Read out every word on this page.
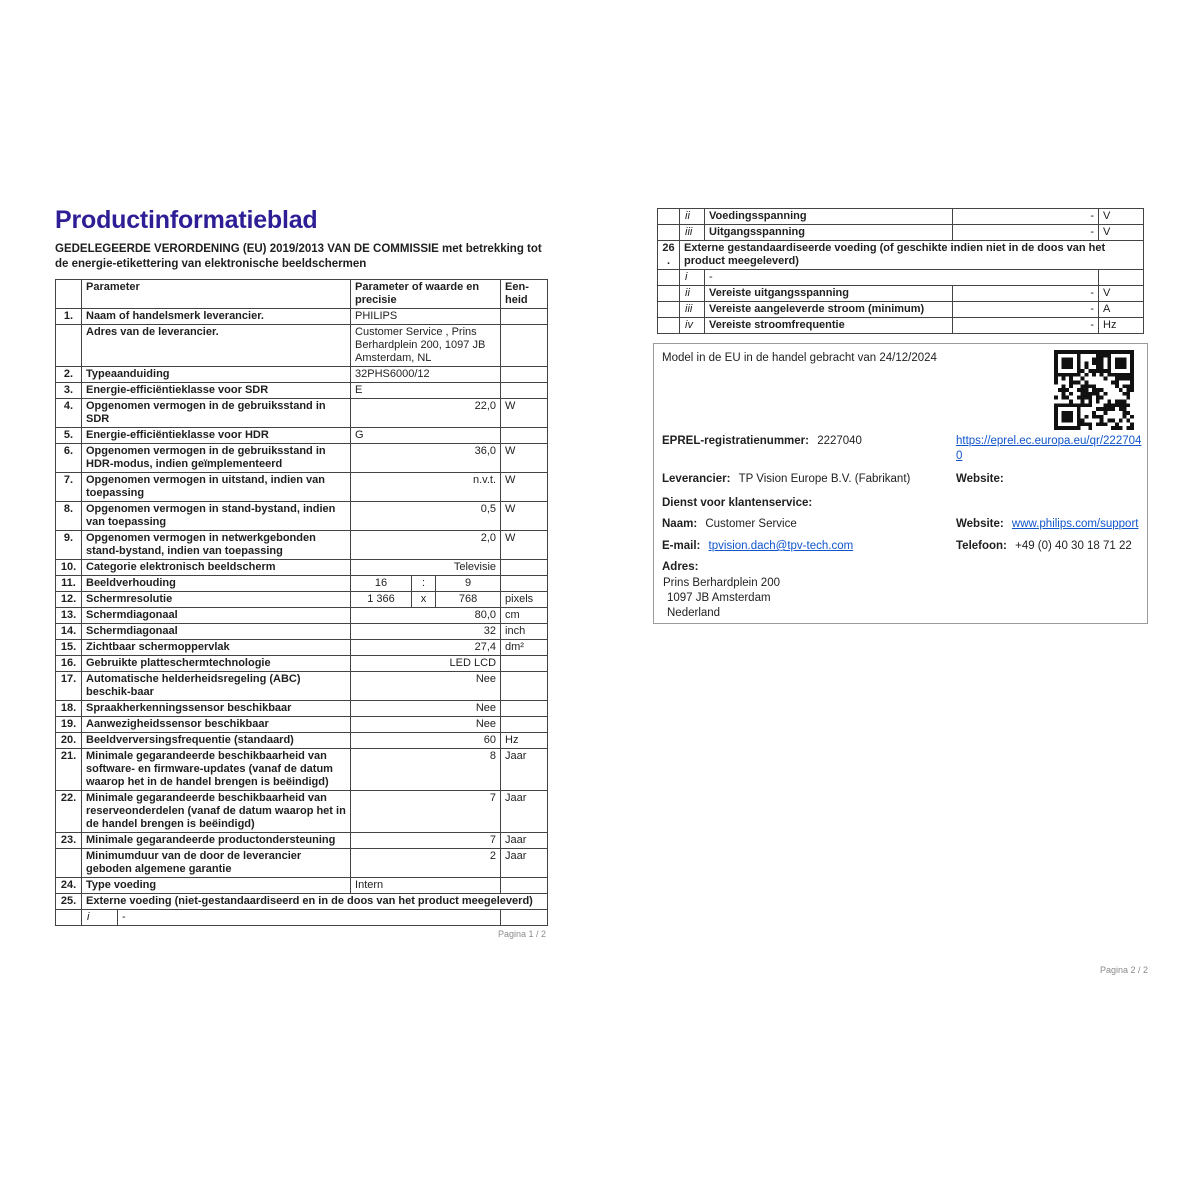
Productinformatieblad

GEDELEGEERDE VERORDENING (EU) 2019/2013 VAN DE COMMISSIE met betrekking tot de energie-etikettering van elektronische beeldschermen

	Parameter		Parameter of waarde en precisie	Een-heid
1.	Naam of handelsmerk leverancier.		PHILIPS	
	Adres van de leverancier.		Customer Service , Prins Berhardplein 200, 1097 JB Amsterdam, NL	
2.	Typeaanduiding		32PHS6000/12	
3.	Energie-efficiëntieklasse voor SDR		E	
4.	Opgenomen vermogen in de gebruiksstand in SDR		22,0	W
5.	Energie-efficiëntieklasse voor HDR		G	
6.	Opgenomen vermogen in de gebruiksstand in HDR-modus, indien geïmplementeerd		36,0	W
7.	Opgenomen vermogen in uitstand, indien van toepassing		n.v.t.	W
8.	Opgenomen vermogen in stand-bystand, indien van toepassing		0,5	W
9.	Opgenomen vermogen in netwerkgebonden stand-bystand, indien van toepassing		2,0	W
10.	Categorie elektronisch beeldscherm		Televisie	
11.	Beeldverhouding		16 : 9	

12.	Schermresolutie		1 366 x 768	pixels
13.	Schermdiagonaal		80,0	cm
14.	Schermdiagonaal		32	inch
15.	Zichtbaar schermoppervlak		27,4	dm²
16.	Gebruikte platteschermtechnologie		LED LCD	
17.	Automatische helderheidsregeling (ABC) beschik-baar		Nee	
18.	Spraakherkenningssensor beschikbaar		Nee	
19.	Aanwezigheidssensor beschikbaar		Nee	
20.	Beeldverversingsfrequentie (standaard)		60	Hz
21.	Minimale gegarandeerde beschikbaarheid van software- en firmware-updates (vanaf de datum waarop het in de handel brengen is beëindigd)		8	Jaar
22.	Minimale gegarandeerde beschikbaarheid van reserveonderdelen (vanaf de datum waarop het in de handel brengen is beëindigd)		7	Jaar
23.	Minimale gegarandeerde productondersteuning		7	Jaar
	Minimumduur van de door de leverancier geboden algemene garantie		2	Jaar
24.	Type voeding		Intern	
25.	Externe voeding (niet-gestandaardiseerd en in de doos van het product meegeleverd)			
	i	-		
Pagina 1 / 2
	ii	Voedingsspanning	-	V
	iii	Uitgangsspanning	-	V
26.	Externe gestandaardiseerde voeding (of geschikte indien niet in de doos van het product meegeleverd)			
	i	-		
	ii	Vereiste uitgangsspanning	-	V
	iii	Vereiste aangeleverde stroom (minimum)	-	A
	iv	Vereiste stroomfrequentie	-	Hz
Model in de EU in de handel gebracht van 24/12/2024
EPREL-registratienummer: 2227040	https://eprel.ec.europa.eu/qr/2227040
Leverancier: TP Vision Europe B.V. (Fabrikant)	Website:
Dienst voor klantenservice:
Naam: Customer Service	Website: www.philips.com/support
E-mail: tpvision.dach@tpv-tech.com	Telefoon: +49 (0) 40 30 18 71 22
Adres:
Prins Berhardplein 200
1097 JB Amsterdam
Nederland
Pagina 2 / 2
